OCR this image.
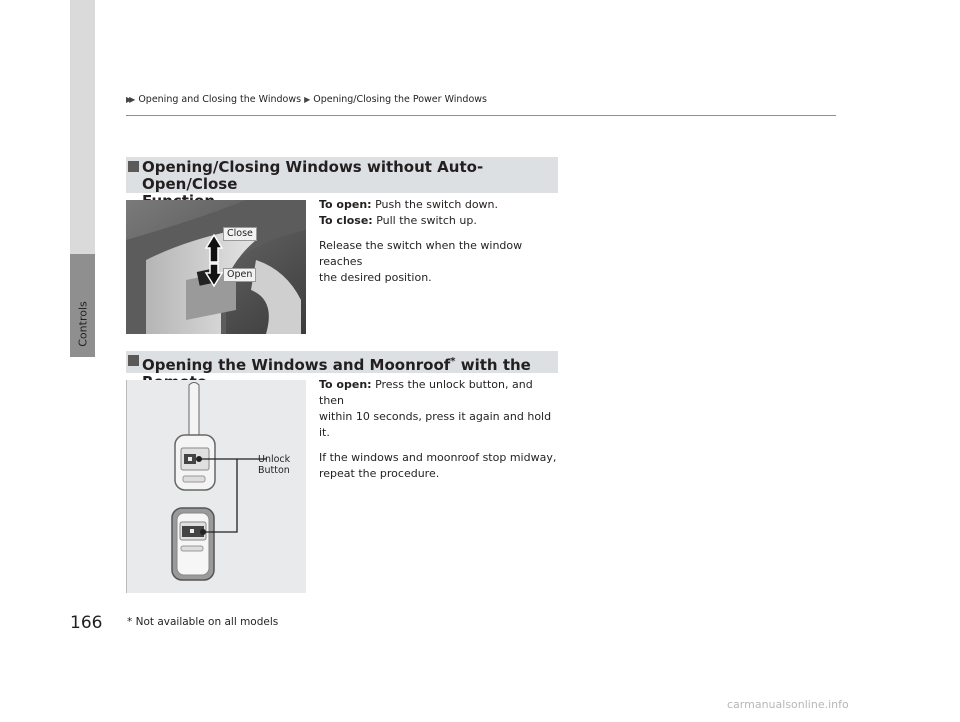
Controls
▶▶ Opening and Closing the Windows ▶ Opening/Closing the Power Windows
Opening/Closing Windows without Auto-Open/Close
Close
Open
To open: Push the switch down.
To close: Pull the switch up.
Release the switch when the window reaches
the desired position.
Opening the Windows and Moonroof* with the
Unlock
Button
To open: Press the unlock button, and then
within 10 seconds, press it again and hold it.
If the windows and moonroof stop midway,
repeat the procedure.
166 * Not available on all models
carmanualsonline.info
